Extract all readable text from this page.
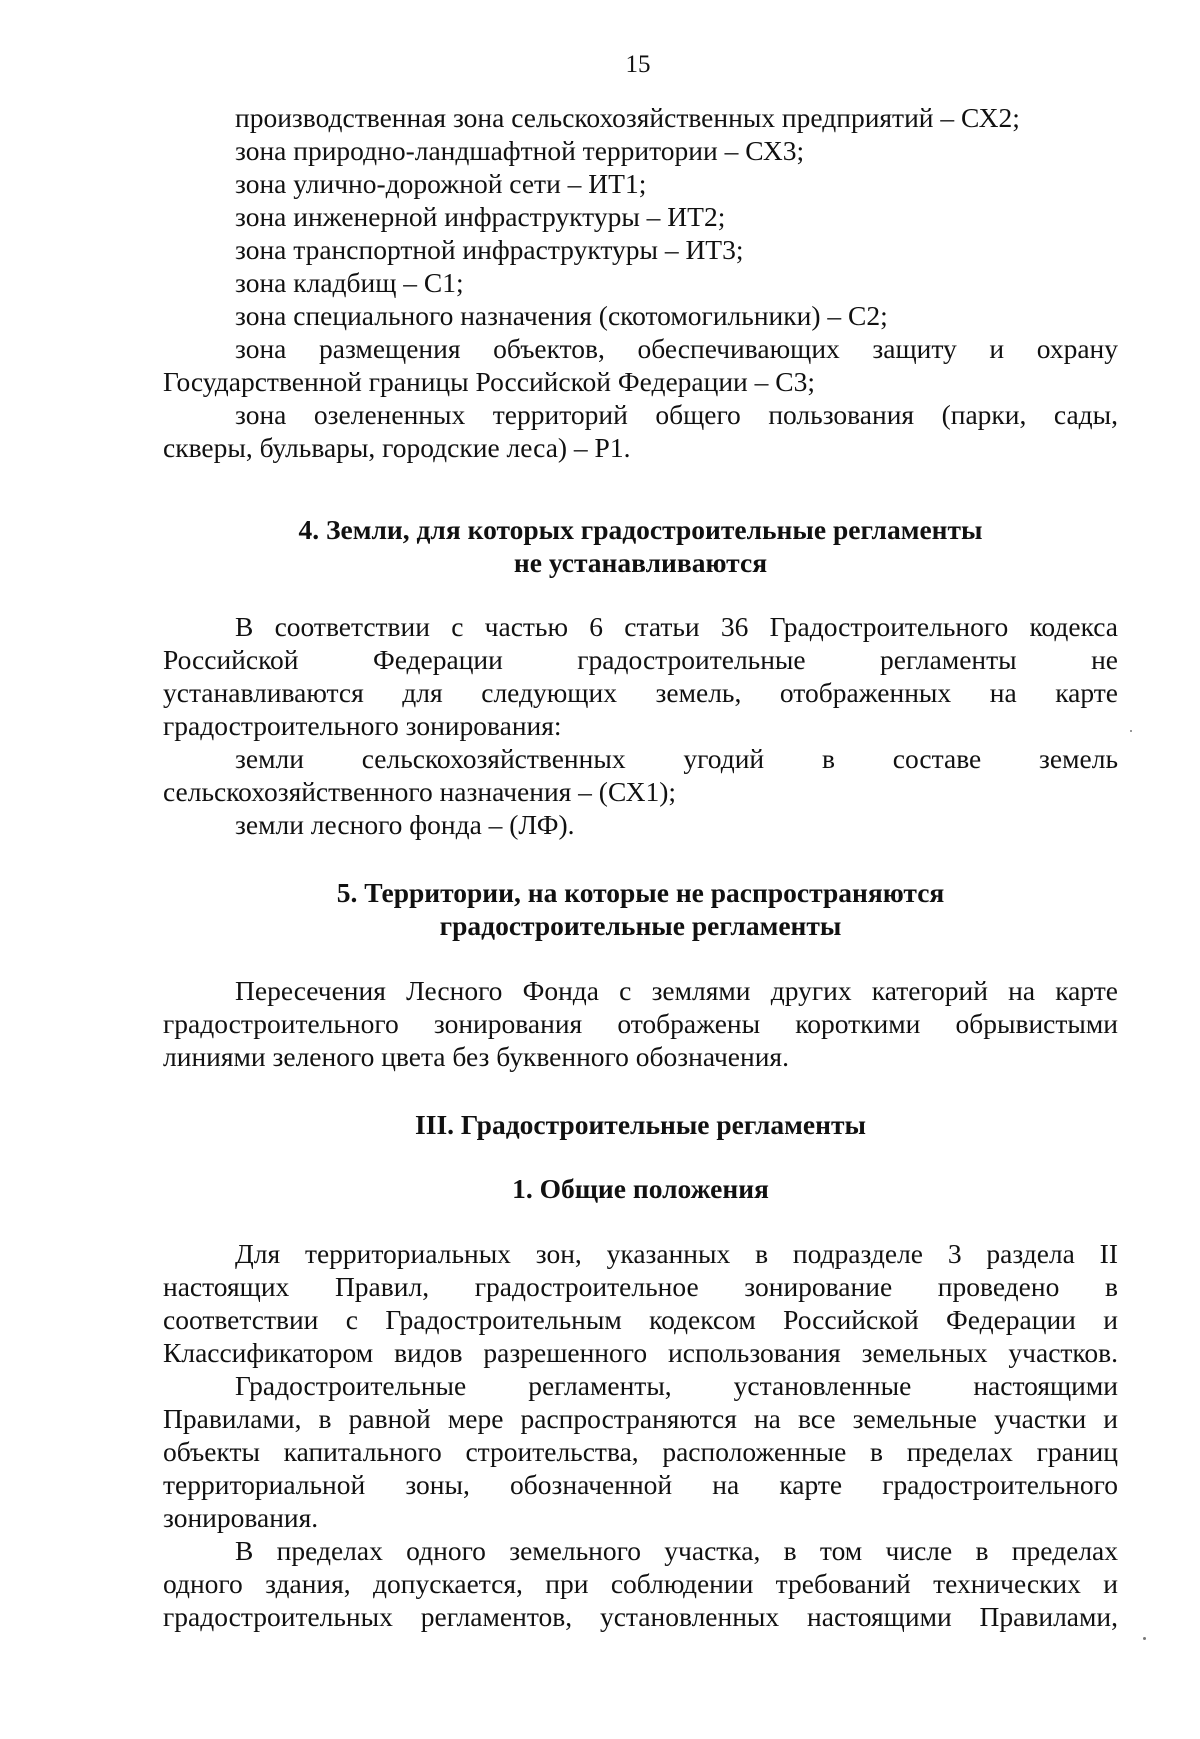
15
производственная зона сельскохозяйственных предприятий – СХ2;
зона природно-ландшафтной территории – СХ3;
зона улично-дорожной сети – ИТ1;
зона инженерной инфраструктуры – ИТ2;
зона транспортной инфраструктуры – ИТ3;
зона кладбищ – С1;
зона специального назначения (скотомогильники) – С2;
зона размещения объектов, обеспечивающих защиту и охрану
Государственной границы Российской Федерации – С3;
зона озелененных территорий общего пользования (парки, сады,
скверы, бульвары, городские леса) – Р1.
4. Земли, для которых градостроительные регламенты
не устанавливаются
В соответствии с частью 6 статьи 36 Градостроительного кодекса
Российской Федерации градостроительные регламенты не
устанавливаются для следующих земель, отображенных на карте
градостроительного зонирования:
земли сельскохозяйственных угодий в составе земель
сельскохозяйственного назначения – (СХ1);
земли лесного фонда – (ЛФ).
5. Территории, на которые не распространяются
градостроительные регламенты
Пересечения Лесного Фонда с землями других категорий на карте
градостроительного зонирования отображены короткими обрывистыми
линиями зеленого цвета без буквенного обозначения.
III. Градостроительные регламенты
1. Общие положения
Для территориальных зон, указанных в подразделе 3 раздела II
настоящих Правил, градостроительное зонирование проведено в
соответствии с Градостроительным кодексом Российской Федерации и
Классификатором видов разрешенного использования земельных участков.
Градостроительные регламенты, установленные настоящими
Правилами, в равной мере распространяются на все земельные участки и
объекты капитального строительства, расположенные в пределах границ
территориальной зоны, обозначенной на карте градостроительного
зонирования.
В пределах одного земельного участка, в том числе в пределах
одного здания, допускается, при соблюдении требований технических и
градостроительных регламентов, установленных настоящими Правилами,
